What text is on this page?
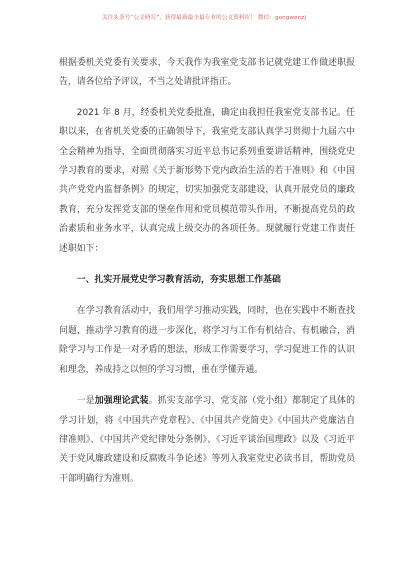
关注头条号“公文研究”，获得最新最全最专业的公文资料库！ 微信：gongwenzj

根据委机关党委有关要求，今天我作为我室党支部书记就党建工作做述职报告，请各位给予评议，不当之处请批评指正。

2021 年 8 月，经委机关党委批准，确定由我担任我室党支部书记。任职以来，在省机关党委的正确领导下，我室党支部认真学习贯彻十九届六中全会精神为指导，全面贯彻落实习近平总书记系列重要讲话精神，围绕党史学习教育的要求，对照《关于新形势下党内政治生活的若干准则》和《中国共产党党内监督条例》的规定，切实加强党支部建设，认真开展党员的廉政教育，充分发挥党支部的堡垒作用和党员模范带头作用，不断提高党员的政治素质和业务水平，认真完成上级交办的各项任务。现就履行党建工作责任述职如下：

一、扎实开展党史学习教育活动，夯实思想工作基础

在学习教育活动中，我们用学习推动实践，同时，也在实践中不断查找问题，推动学习教育的进一步深化，将学习与工作有机结合、有机融合，消除学习与工作是一对矛盾的想法，形成工作需要学习，学习促进工作的认识和理念，养成持之以恒的学习习惯，重在学懂弄通。

一是加强理论武装。抓实支部学习，党支部（党小组）都制定了具体的学习计划，将《中国共产党章程》、《中国共产党简史》《中国共产党廉洁自律准则》、《中国共产党纪律处分条例》、《习近平谈治国理政》以及《习近平关于党风廉政建设和反腐败斗争论述》等列入我室党史必读书目，帮助党员干部明确行为准则。
